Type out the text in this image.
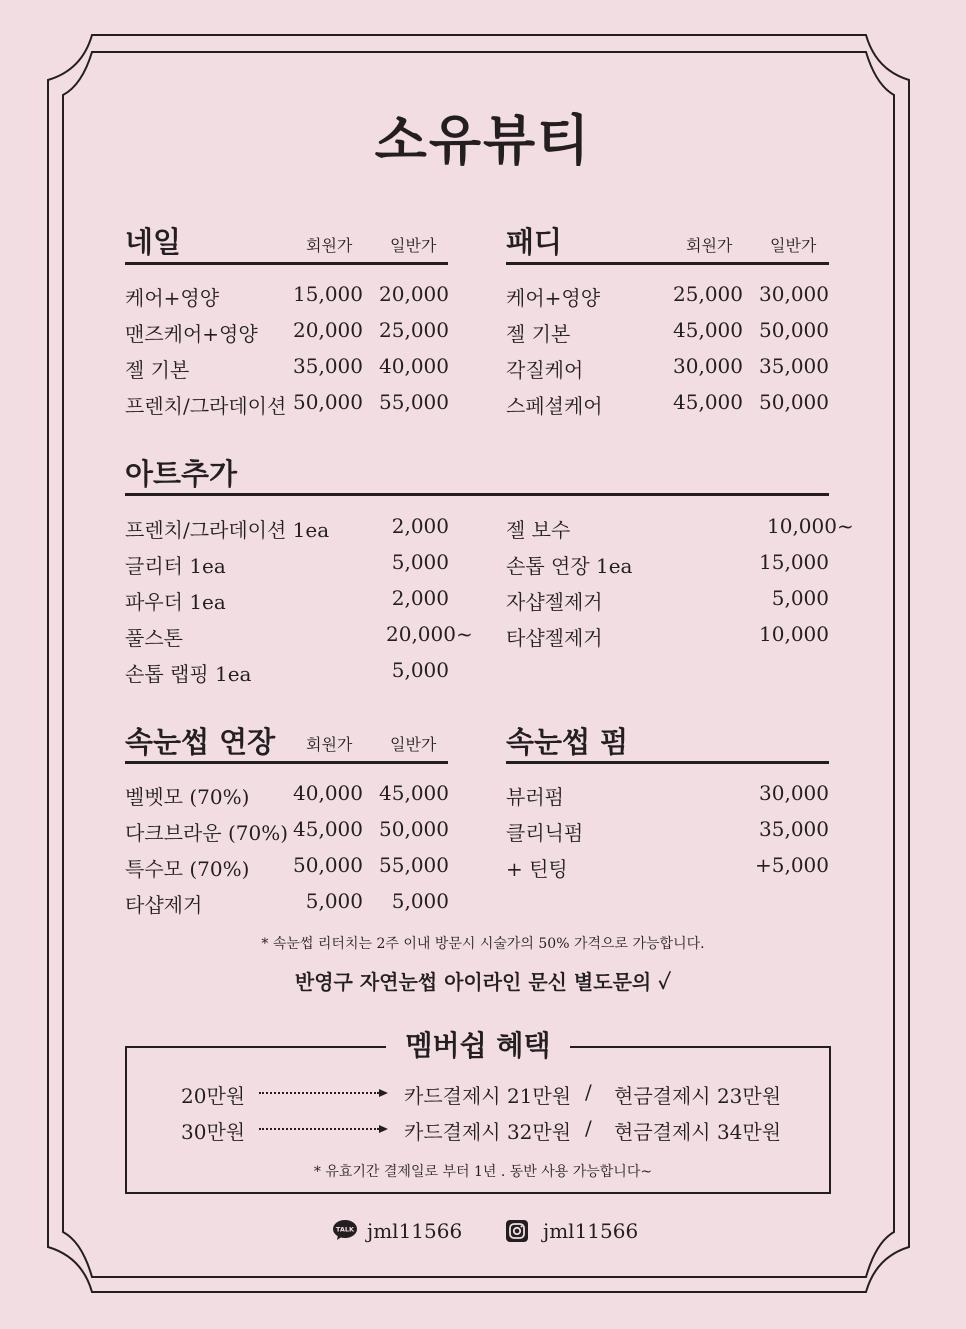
소유뷰티
네일	회원가 일반가
케어+영양	15,000 20,000
맨즈케어+영양	20,000 25,000
젤 기본	35,000 40,000
프렌치/그라데이션 50,000 55,000
패디	회원가 일반가
케어+영양	25,000 30,000
젤 기본	45,000 50,000
각질케어	30,000 35,000
스페셜케어	45,000 50,000
아트추가
프렌치/그라데이션 1ea	2,000
글리터 1ea	5,000
파우더 1ea	2,000
풀스톤	20,000~
손톱 랩핑 1ea	5,000
젤 보수	10,000~
손톱 연장 1ea	15,000
자샵젤제거	5,000
타샵젤제거	10,000
속눈썹 연장 회원가 일반가
벨벳모 (70%)	40,000 45,000
다크브라운 (70%) 45,000 50,000
특수모 (70%)	50,000 55,000
타샵제거	5,000	5,000
속눈썹 펌
뷰러펌	30,000
클리닉펌	35,000
+ 틴팅	+5,000
* 속눈썹 리터치는 2주 이내 방문시 시술가의 50% 가격으로 가능합니다.
반영구 자연눈썹 아이라인 문신 별도문의 ✓
멤버쉽 혜택
20만원	카드결제시 21만원 / 현금결제시 23만원
30만원	카드결제시 32만원 / 현금결제시 34만원
* 유효기간 결제일로 부터 1년 . 동반 사용 가능합니다~
TALK jml11566	jml11566
